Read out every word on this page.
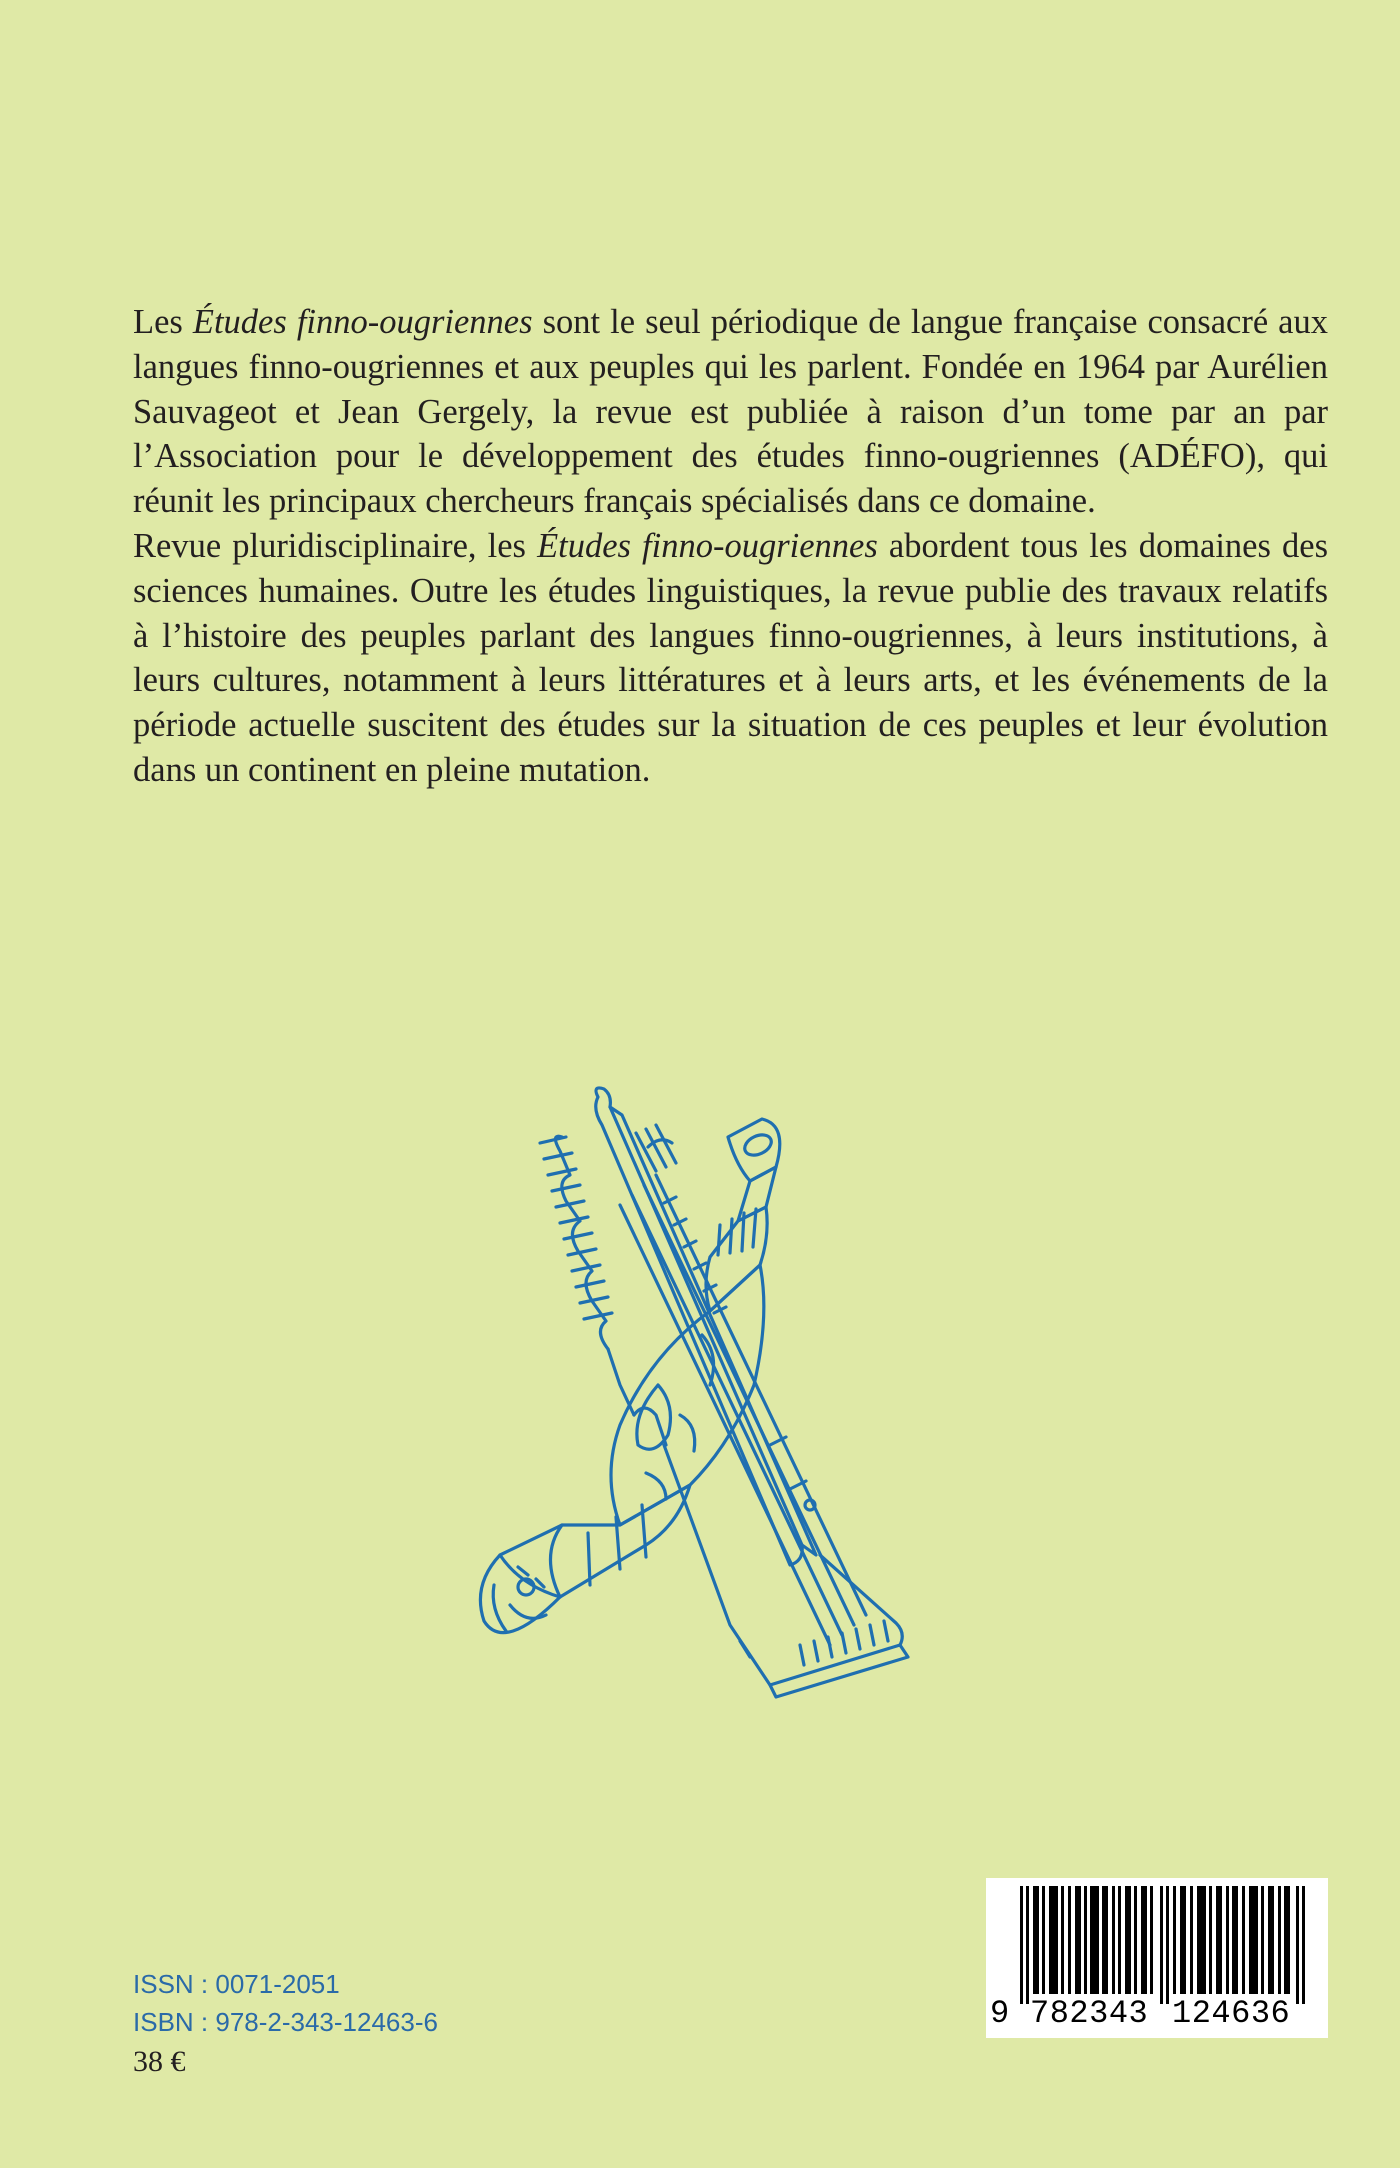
Les Études finno-ougriennes sont le seul périodique de langue française consacré aux langues finno-ougriennes et aux peuples qui les parlent. Fondée en 1964 par Aurélien Sauvageot et Jean Gergely, la revue est publiée à raison d’un tome par an par l’Association pour le développement des études finno-ougriennes (ADÉFO), qui réunit les principaux chercheurs français spécialisés dans ce domaine.

Revue pluridisciplinaire, les Études finno-ougriennes abordent tous les domaines des sciences humaines. Outre les études linguistiques, la revue publie des travaux relatifs à l’histoire des peuples parlant des langues finno-ougriennes, à leurs institutions, à leurs cultures, notamment à leurs littératures et à leurs arts, et les événements de la période actuelle suscitent des études sur la situation de ces peuples et leur évolution dans un continent en pleine mutation.

ISSN : 0071-2051
ISBN : 978-2-343-12463-6
38 €
9 782343 124636
